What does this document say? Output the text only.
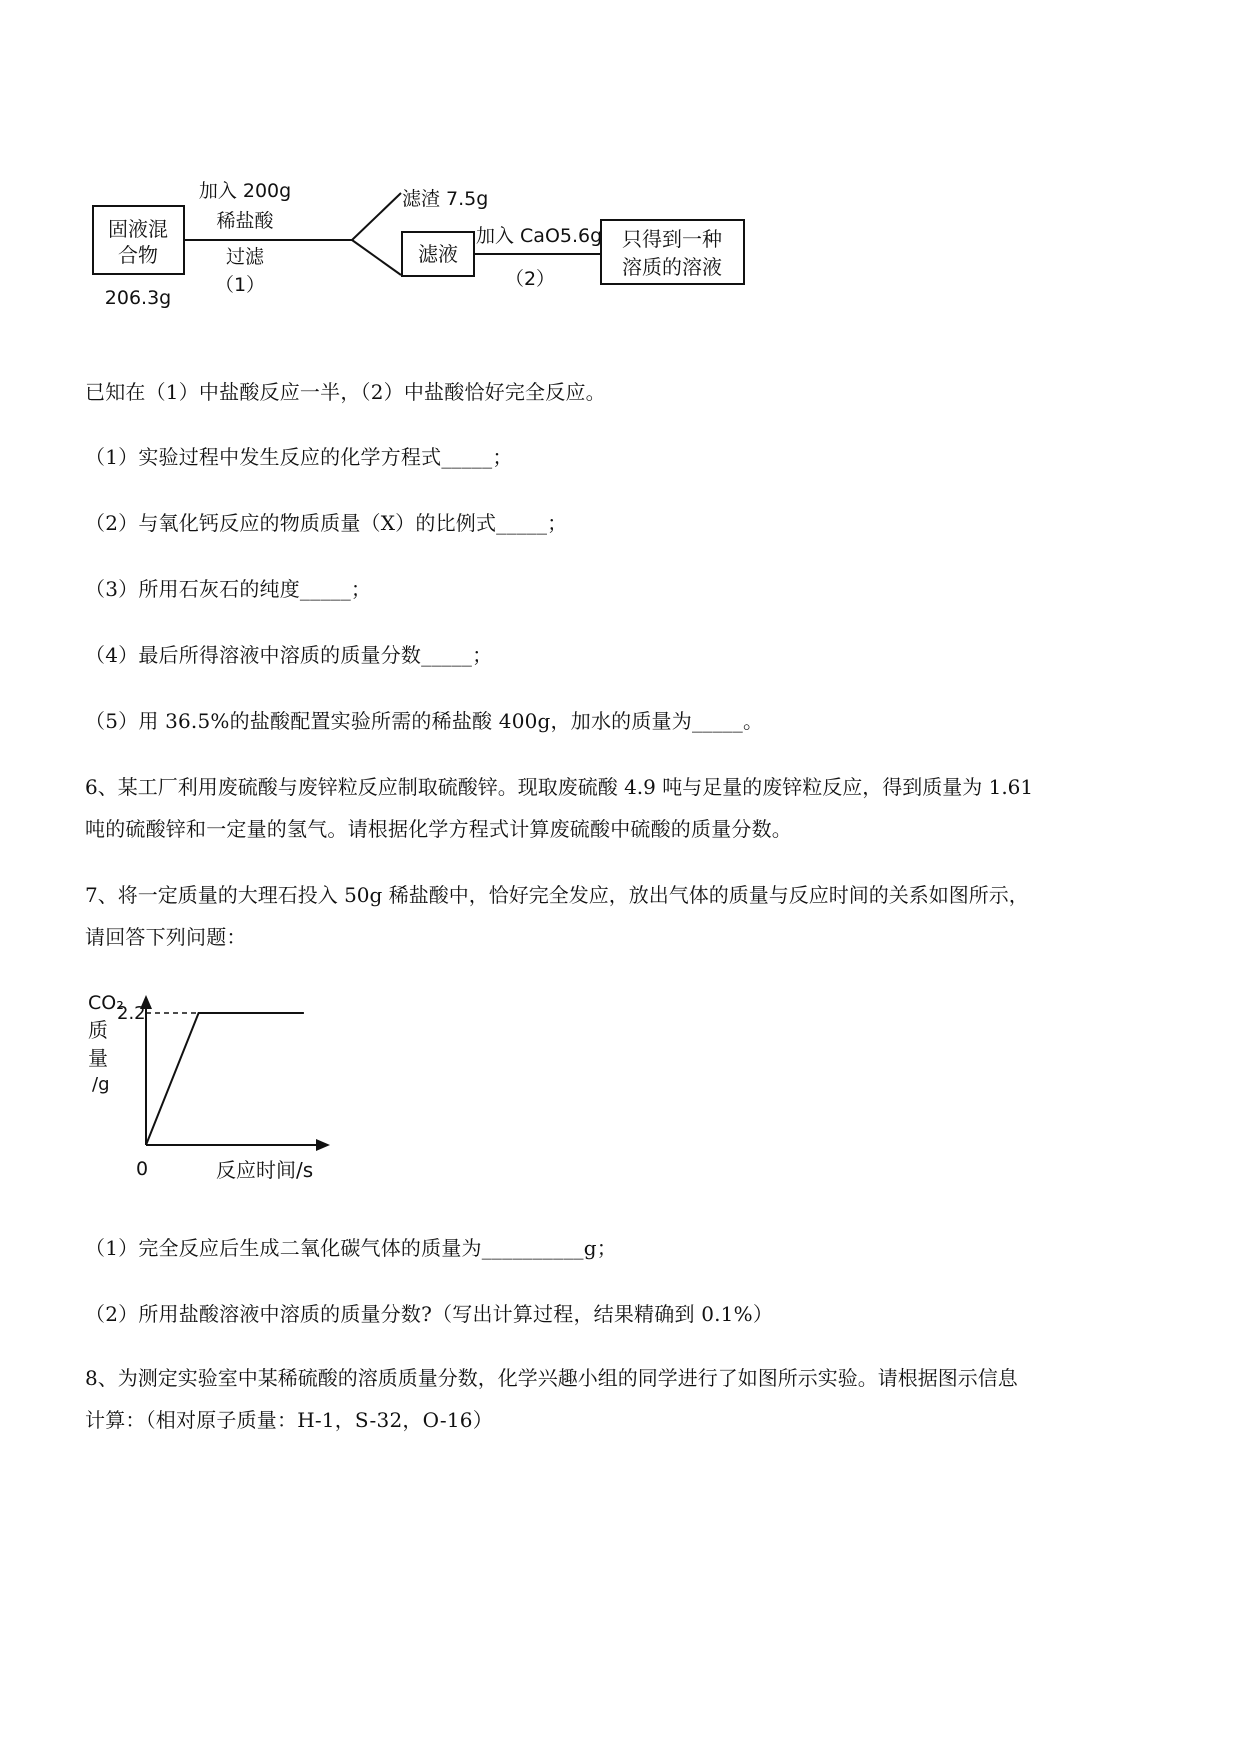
固液混
合物
206.3g
加入 200g
稀盐酸
过滤
（1）
滤渣 7.5g
滤液
加入 CaO5.6g
（2）
只得到一种
溶质的溶液
已知在（1）中盐酸反应一半，（2）中盐酸恰好完全反应。
（1）实验过程中发生反应的化学方程式_____；
（2）与氧化钙反应的物质质量（X）的比例式_____；
（3）所用石灰石的纯度_____；
（4）最后所得溶液中溶质的质量分数_____；
（5）用 36.5%的盐酸配置实验所需的稀盐酸 400g，加水的质量为_____。
6、某工厂利用废硫酸与废锌粒反应制取硫酸锌。现取废硫酸 4.9 吨与足量的废锌粒反应，得到质量为 1.61
吨的硫酸锌和一定量的氢气。请根据化学方程式计算废硫酸中硫酸的质量分数。
7、将一定质量的大理石投入 50g 稀盐酸中，恰好完全发应，放出气体的质量与反应时间的关系如图所示，
请回答下列问题：
CO₂
质
量
/g
0	反应时间/s
2.2
（1）完全反应后生成二氧化碳气体的质量为__________g；
（2）所用盐酸溶液中溶质的质量分数?（写出计算过程，结果精确到 0.1%）
8、为测定实验室中某稀硫酸的溶质质量分数，化学兴趣小组的同学进行了如图所示实验。请根据图示信息
计算：（相对原子质量：H-1，S-32，O-16）
